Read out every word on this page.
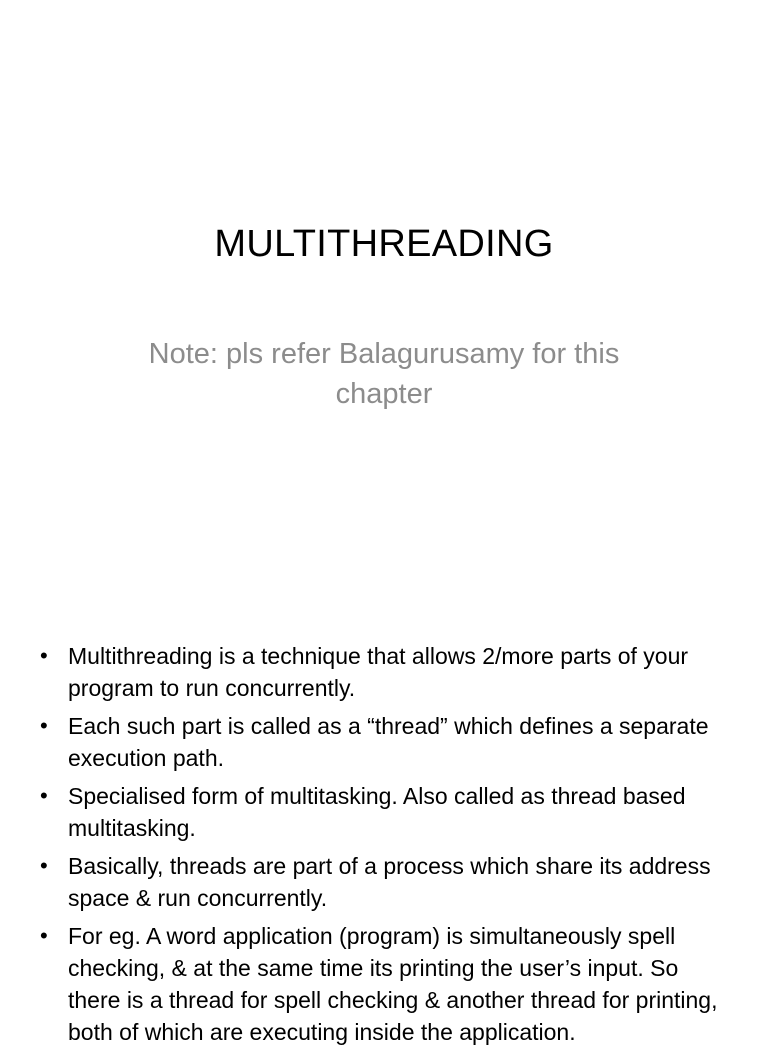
MULTITHREADING
Note: pls refer Balagurusamy for this chapter
• Multithreading is a technique that allows 2/more parts of your program to run concurrently.
• Each such part is called as a “thread” which defines a separate execution path.
• Specialised form of multitasking. Also called as thread based multitasking.
• Basically, threads are part of a process which share its address space & run concurrently.
• For eg. A word application (program) is simultaneously spell checking, & at the same time its printing the user’s input. So there is a thread for spell checking & another thread for printing, both of which are executing inside the application.
